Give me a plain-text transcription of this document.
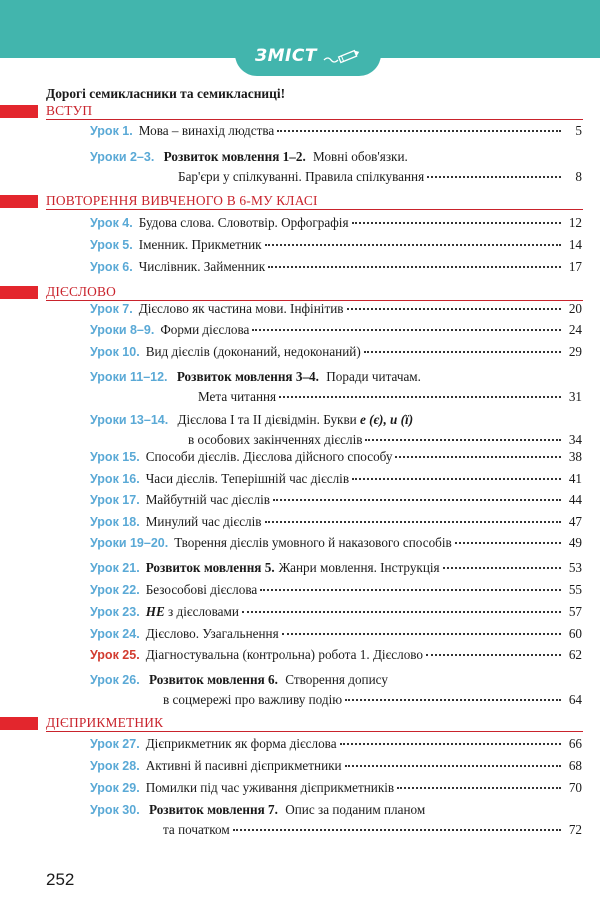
ЗМІСТ
Дорогі семикласники та семикласниці!
ВСТУП
Урок 1. Мова – винахід людства	5
Уроки 2–3. Розвиток мовлення 1–2. Мовні обов'язки.
Бар'єри у спілкуванні. Правила спілкування	8
ПОВТОРЕННЯ ВИВЧЕНОГО В 6-МУ КЛАСІ
Урок 4. Будова слова. Словотвір. Орфографія	12
Урок 5. Іменник. Прикметник	14
Урок 6. Числівник. Займенник	17
ДІЄСЛОВО
Урок 7. Дієслово як частина мови. Інфінітив	20
Уроки 8–9. Форми дієслова	24
Урок 10. Вид дієслів (доконаний, недоконаний)	29
Уроки 11–12. Розвиток мовлення 3–4. Поради читачам.
Мета читання	31
Уроки 13–14. Дієслова І та ІІ дієвідмін. Букви е (є), и (ї)
в особових закінченнях дієслів	34
Урок 15. Способи дієслів. Дієслова дійсного способу	38
Урок 16. Часи дієслів. Теперішній час дієслів	41
Урок 17. Майбутній час дієслів	44
Урок 18. Минулий час дієслів	47
Уроки 19–20. Творення дієслів умовного й наказового способів	49
Урок 21. Розвиток мовлення 5. Жанри мовлення. Інструкція	53
Урок 22. Безособові дієслова	55
Урок 23. НЕ
з дієсловами	57
Урок 24. Дієслово. Узагальнення	60
Урок 25. Діагностувальна (контрольна) робота 1. Дієслово	62
Урок 26. Розвиток мовлення 6. Створення допису
в соцмережі про важливу подію	64
ДІЄПРИКМЕТНИК
Урок 27. Дієприкметник як форма дієслова	66
Урок 28. Активні й пасивні дієприкметники	68
Урок 29. Помилки під час уживання дієприкметників	70
Урок 30. Розвиток мовлення 7. Опис за поданим планом
та початком	72
252
